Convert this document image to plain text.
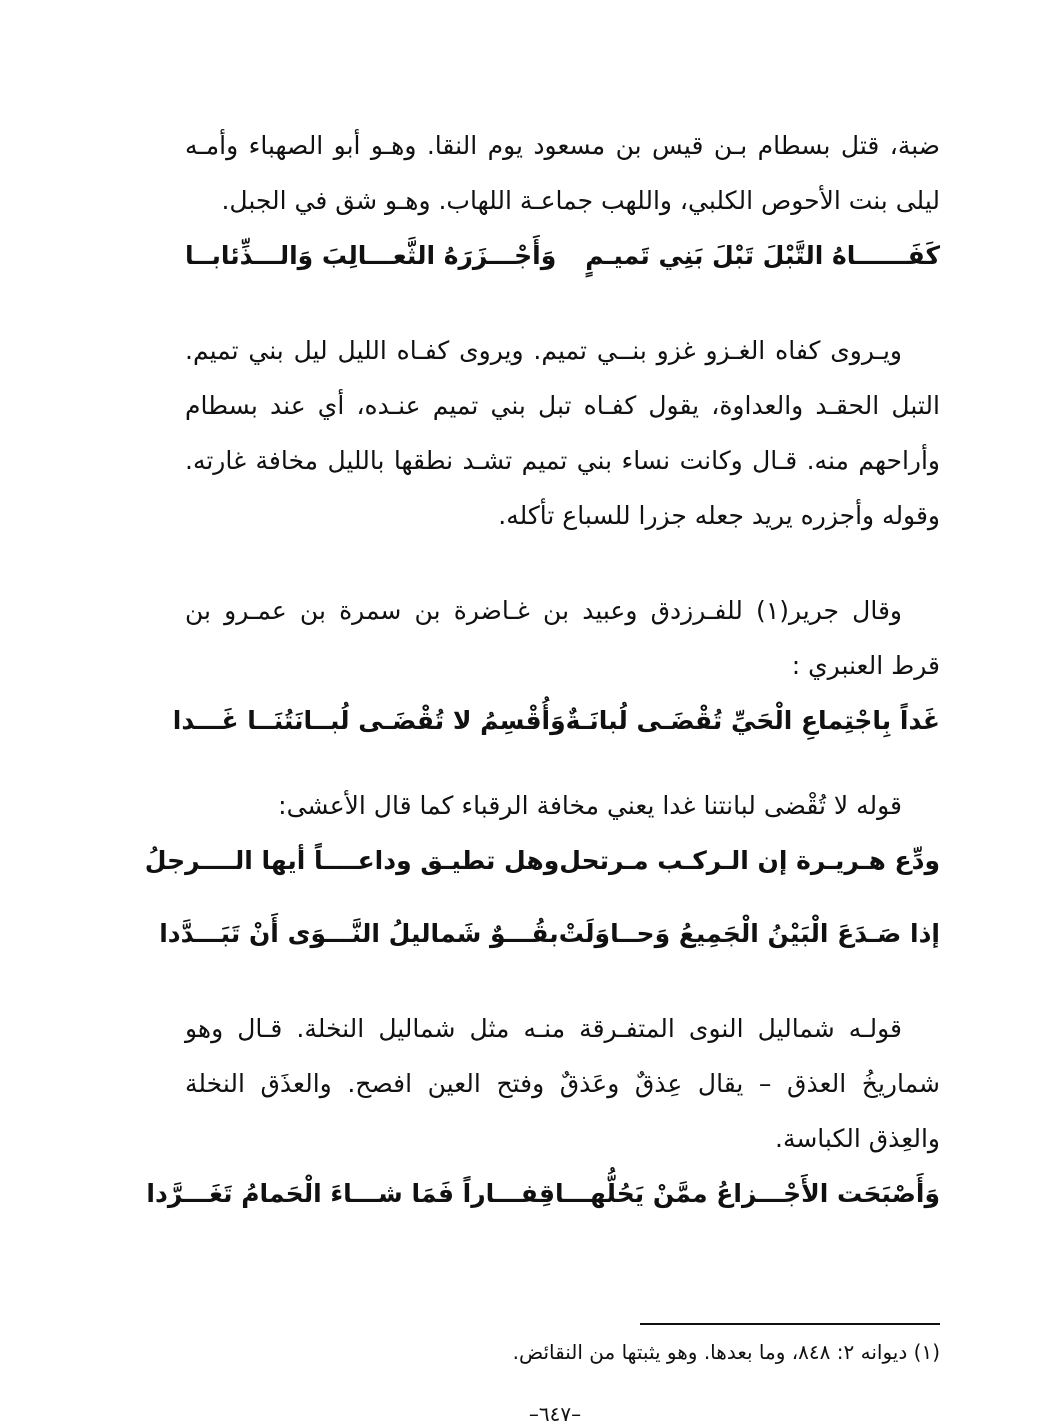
ضبة، قتل بسطام بـن قيس بن مسعود يوم النقا. وهـو أبو الصهباء وأمـه ليلى بنت الأحوص الكلبي، واللهب جماعـة اللهاب. وهـو شق في الجبل.

كَفَــــــاهُ التَّبْلَ تَبْلَ بَنِي تَميـمٍ
وَأَجْـــزَرَهُ الثَّعـــالِبَ وَالـــذِّئابــا

ويـروى كفاه الغـزو غزو بنــي تميم. ويروى كفـاه الليل ليل بني تميم. التبل الحقـد والعداوة، يقول كفـاه تبل بني تميم عنـده، أي عند بسطام وأراحهم منه. قـال وكانت نساء بني تميم تشـد نطقها بالليل مخافة غارته. وقوله وأجزره يريد جعله جزرا للسباع تأكله.

وقال جرير(١) للفـرزدق وعبيد بن غـاضرة بن سمرة بن عمـرو بن قرط العنبري :

غَداً بِاجْتِماعِ الْحَيِّ تُقْضَـى لُبانَـةٌ
وَأُقْسِمُ لا تُقْضَـى لُبــانَتُنَــا غَـــدا

قوله لا تُقْضى لبانتنا غدا يعني مخافة الرقباء كما قال الأعشى:

ودِّع هـريـرة إن الـركـب مـرتحل
وهل تطيـق وداعــــاً أيها الــــرجلُ
إذا صَـدَعَ الْبَيْنُ الْجَمِيعُ وَحــاوَلَتْ
بقُـــوٌ شَماليلُ النَّـــوَى أَنْ تَبَـــدَّدا

قولـه شماليل النوى المتفـرقة منـه مثل شماليل النخلة. قـال وهو شماريخُ العذق – يقال عِذقٌ وعَذقٌ وفتح العين افصح. والعذَق النخلة والعِذق الكباسة.

وَأَصْبَحَت الأَجْـــزاعُ ممَّنْ يَحُلُّهـــا
قِفـــاراً فَمَا شـــاءَ الْحَمامُ تَغَـــرَّدا
(١) ديوانه ٢: ٨٤٨، وما بعدها. وهو يثبتها من النقائض.
–٦٤٧–
